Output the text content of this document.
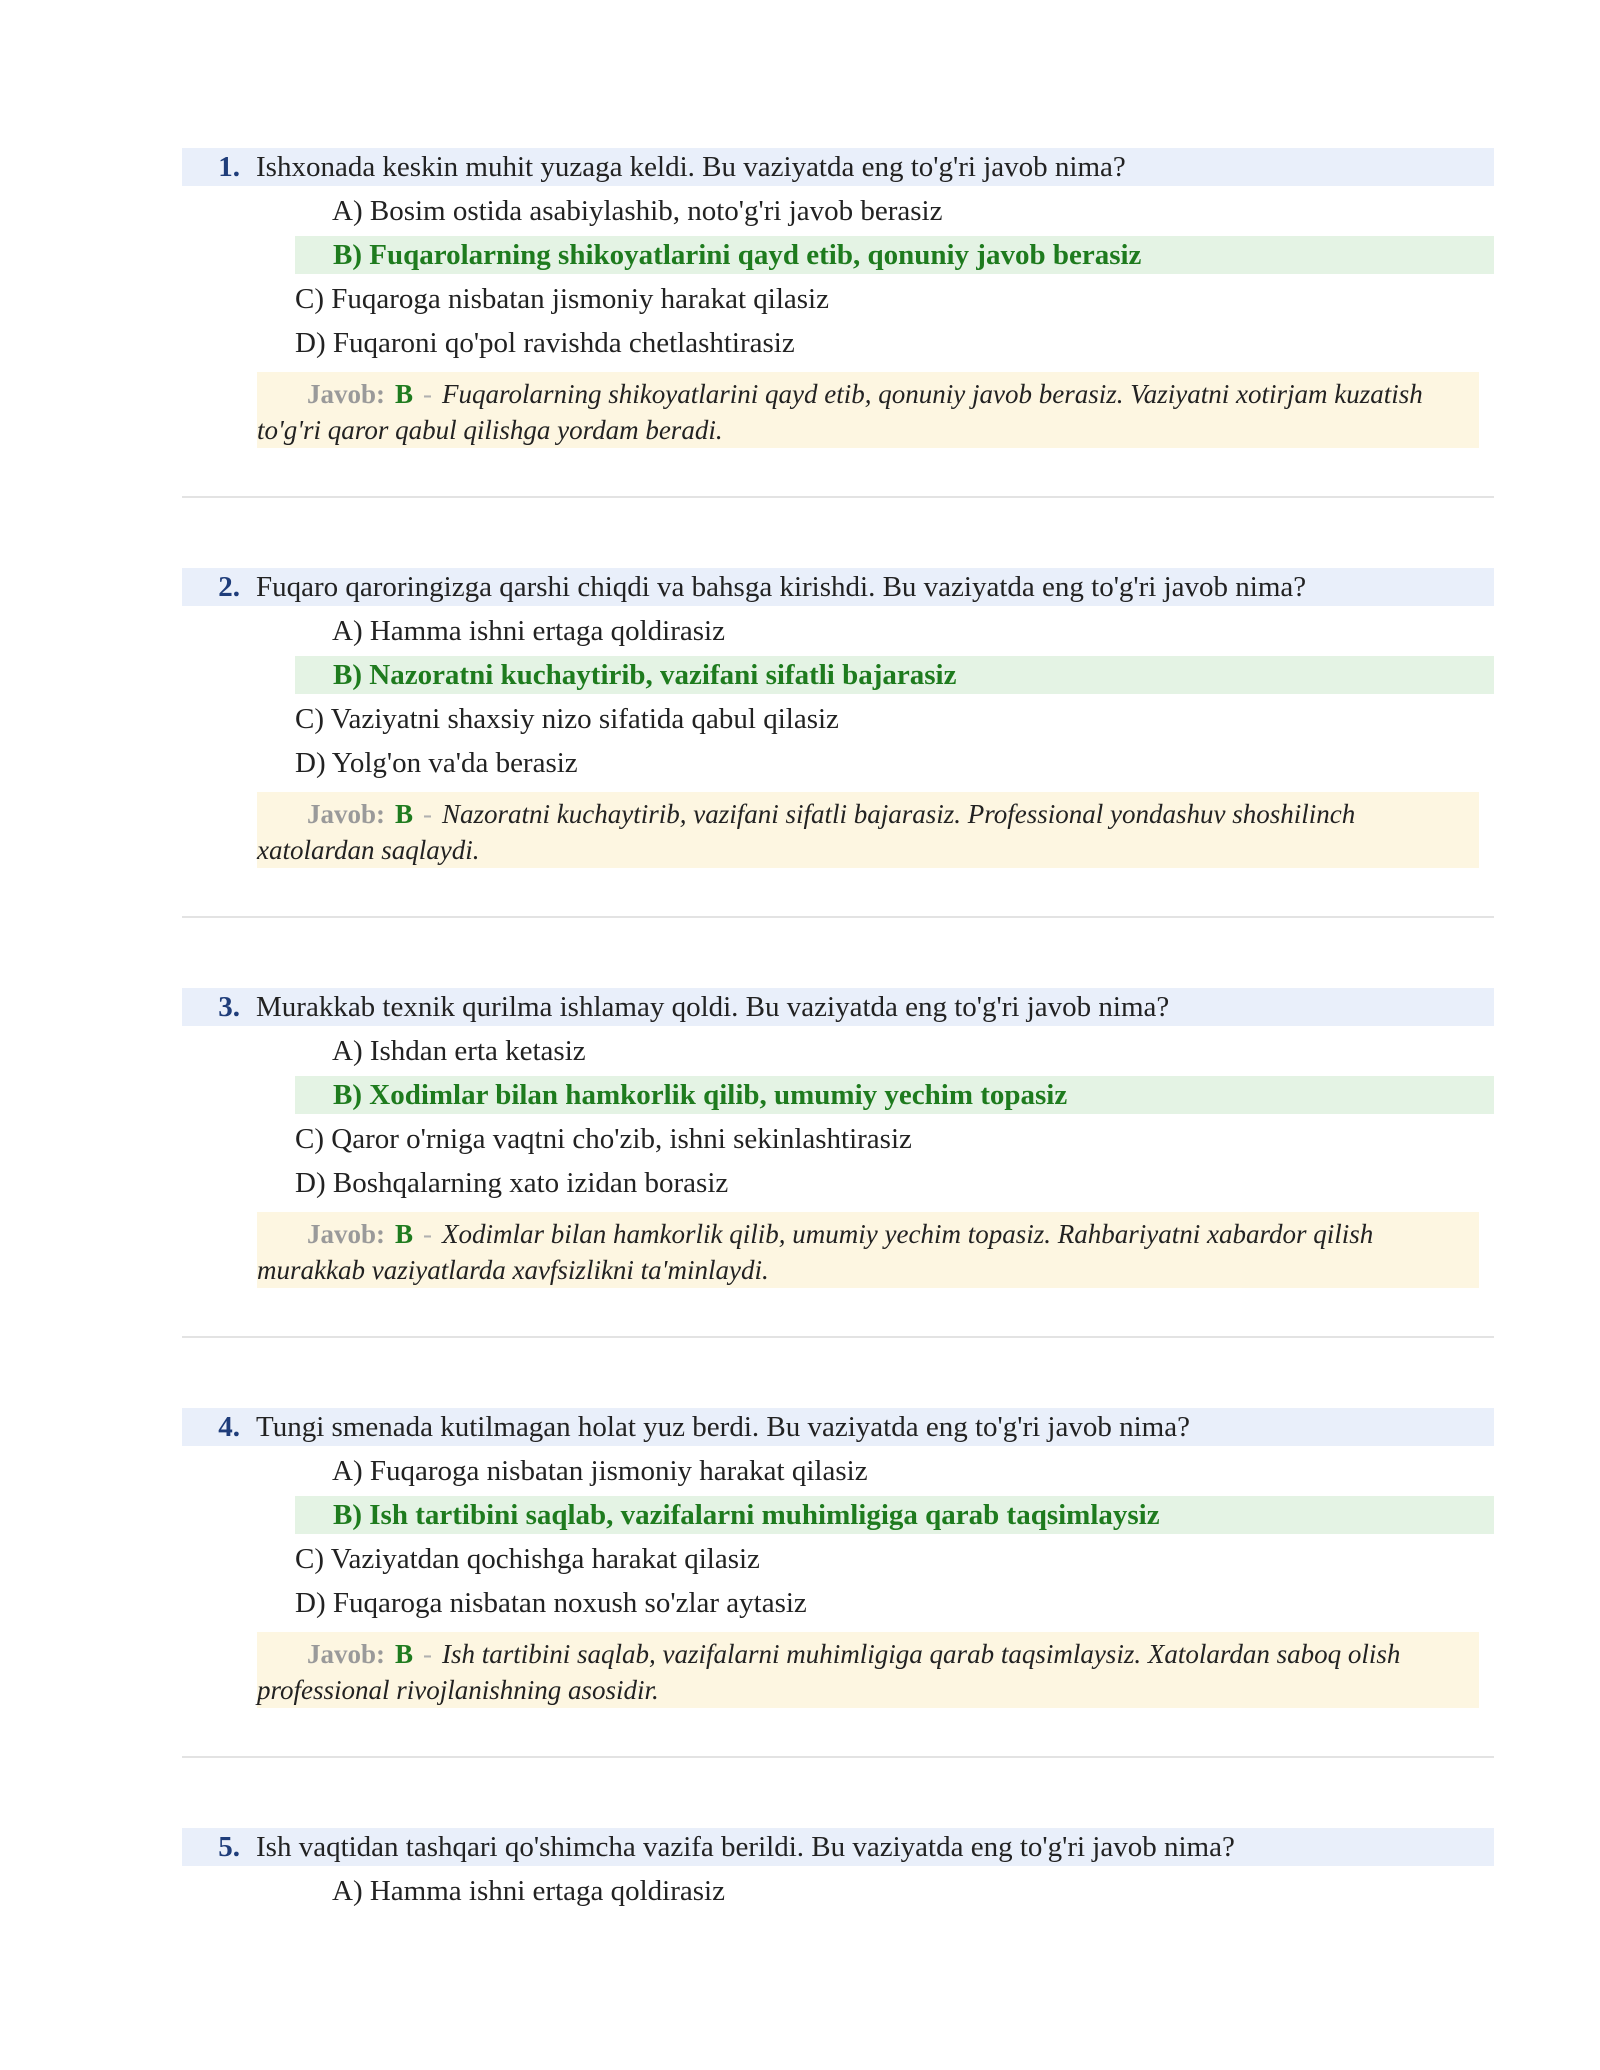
1. Ishxonada keskin muhit yuzaga keldi. Bu vaziyatda eng to'g'ri javob nima?
A) Bosim ostida asabiylashib, noto'g'ri javob berasiz
B) Fuqarolarning shikoyatlarini qayd etib, qonuniy javob berasiz
C) Fuqaroga nisbatan jismoniy harakat qilasiz
D) Fuqaroni qo'pol ravishda chetlashtirasiz
Javob: B - Fuqarolarning shikoyatlarini qayd etib, qonuniy javob berasiz. Vaziyatni xotirjam kuzatish to'g'ri qaror qabul qilishga yordam beradi.
2. Fuqaro qaroringizga qarshi chiqdi va bahsga kirishdi. Bu vaziyatda eng to'g'ri javob nima?
A) Hamma ishni ertaga qoldirasiz
B) Nazoratni kuchaytirib, vazifani sifatli bajarasiz
C) Vaziyatni shaxsiy nizo sifatida qabul qilasiz
D) Yolg'on va'da berasiz
Javob: B - Nazoratni kuchaytirib, vazifani sifatli bajarasiz. Professional yondashuv shoshilinch xatolardan saqlaydi.
3. Murakkab texnik qurilma ishlamay qoldi. Bu vaziyatda eng to'g'ri javob nima?
A) Ishdan erta ketasiz
B) Xodimlar bilan hamkorlik qilib, umumiy yechim topasiz
C) Qaror o'rniga vaqtni cho'zib, ishni sekinlashtirasiz
D) Boshqalarning xato izidan borasiz
Javob: B - Xodimlar bilan hamkorlik qilib, umumiy yechim topasiz. Rahbariyatni xabardor qilish murakkab vaziyatlarda xavfsizlikni ta'minlaydi.
4. Tungi smenada kutilmagan holat yuz berdi. Bu vaziyatda eng to'g'ri javob nima?
A) Fuqaroga nisbatan jismoniy harakat qilasiz
B) Ish tartibini saqlab, vazifalarni muhimligiga qarab taqsimlaysiz
C) Vaziyatdan qochishga harakat qilasiz
D) Fuqaroga nisbatan noxush so'zlar aytasiz
Javob: B - Ish tartibini saqlab, vazifalarni muhimligiga qarab taqsimlaysiz. Xatolardan saboq olish professional rivojlanishning asosidir.
5. Ish vaqtidan tashqari qo'shimcha vazifa berildi. Bu vaziyatda eng to'g'ri javob nima?
A) Hamma ishni ertaga qoldirasiz
